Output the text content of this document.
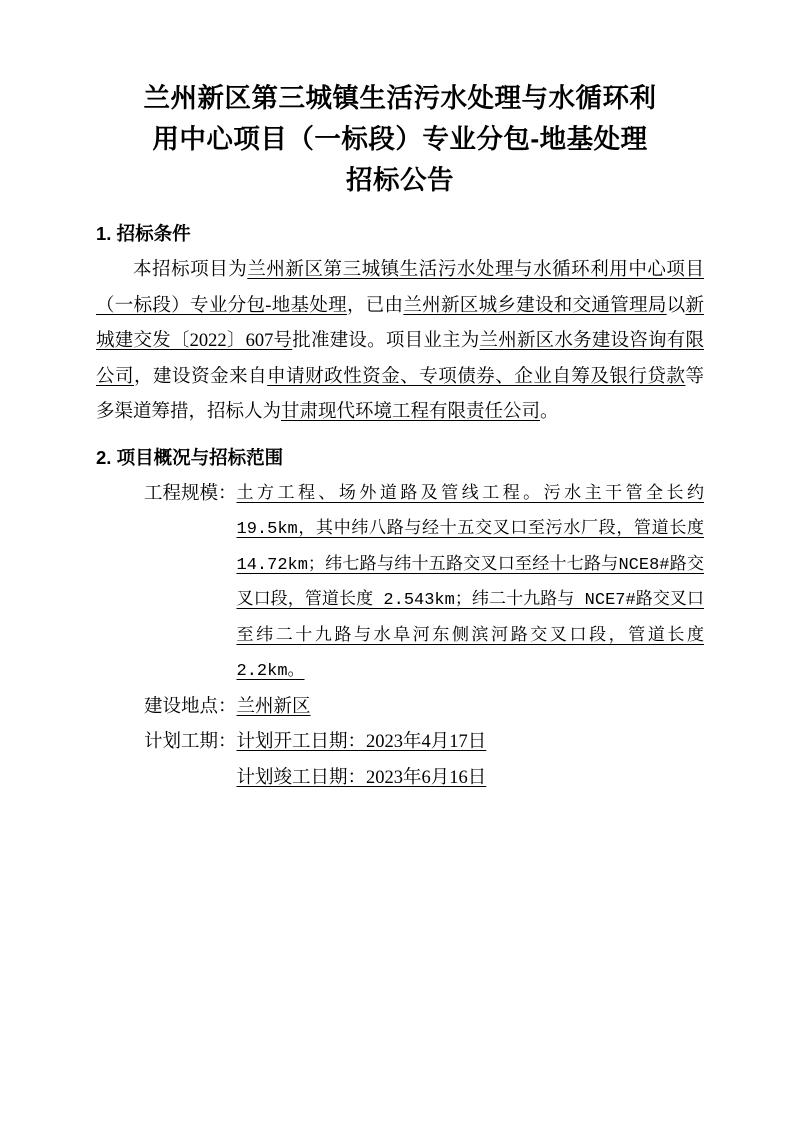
兰州新区第三城镇生活污水处理与水循环利
用中心项目（一标段）专业分包-地基处理
招标公告
1. 招标条件

本招标项目为兰州新区第三城镇生活污水处理与水循环利用中心项目（一标段）专业分包-地基处理，已由兰州新区城乡建设和交通管理局以新城建交发〔2022〕607号批准建设。项目业主为兰州新区水务建设咨询有限公司，建设资金来自申请财政性资金、专项债券、企业自筹及银行贷款等多渠道筹措，招标人为甘肃现代环境工程有限责任公司。

2. 项目概况与招标范围
工程规模： 土方工程、场外道路及管线工程。污水主干管全长约 19.5km，其中纬八路与经十五交叉口至污水厂段，管道长度14.72km；纬七路与纬十五路交叉口至经十七路与NCE8#路交叉口段，管道长度 2.543km；纬二十九路与 NCE7#路交叉口至纬二十九路与水阜河东侧滨河路交叉口段，管道长度 2.2km。
建设地点： 兰州新区
计划工期： 计划开工日期：2023年4月17日
计划竣工日期：2023年6月16日
